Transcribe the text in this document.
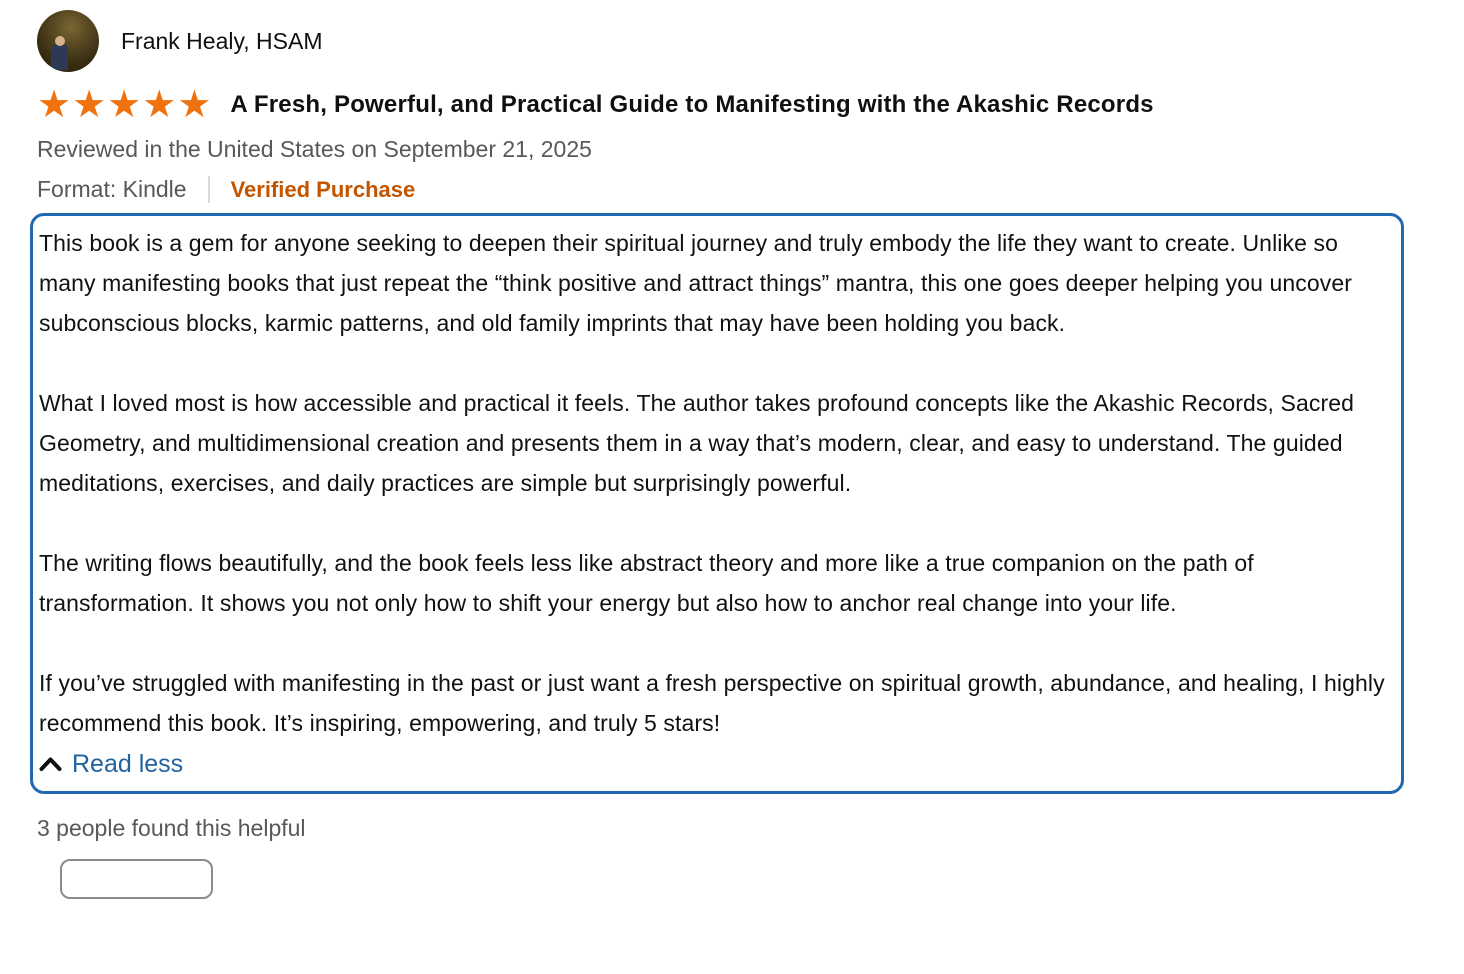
Frank Healy, HSAM
★ ★ ★ ★ ★ A Fresh, Powerful, and Practical Guide to Manifesting with the Akashic Records
Reviewed in the United States on September 21, 2025
Format: Kindle Verified Purchase

This book is a gem for anyone seeking to deepen their spiritual journey and truly embody the life they want to create. Unlike so many manifesting books that just repeat the “think positive and attract things” mantra, this one goes deeper helping you uncover subconscious blocks, karmic patterns, and old family imprints that may have been holding you back.

What I loved most is how accessible and practical it feels. The author takes profound concepts like the Akashic Records, Sacred Geometry, and multidimensional creation and presents them in a way that’s modern, clear, and easy to understand. The guided meditations, exercises, and daily practices are simple but surprisingly powerful.

The writing flows beautifully, and the book feels less like abstract theory and more like a true companion on the path of transformation. It shows you not only how to shift your energy but also how to anchor real change into your life.

If you’ve struggled with manifesting in the past or just want a fresh perspective on spiritual growth, abundance, and healing, I highly recommend this book. It’s inspiring, empowering, and truly 5 stars!

Read less
3 people found this helpful
